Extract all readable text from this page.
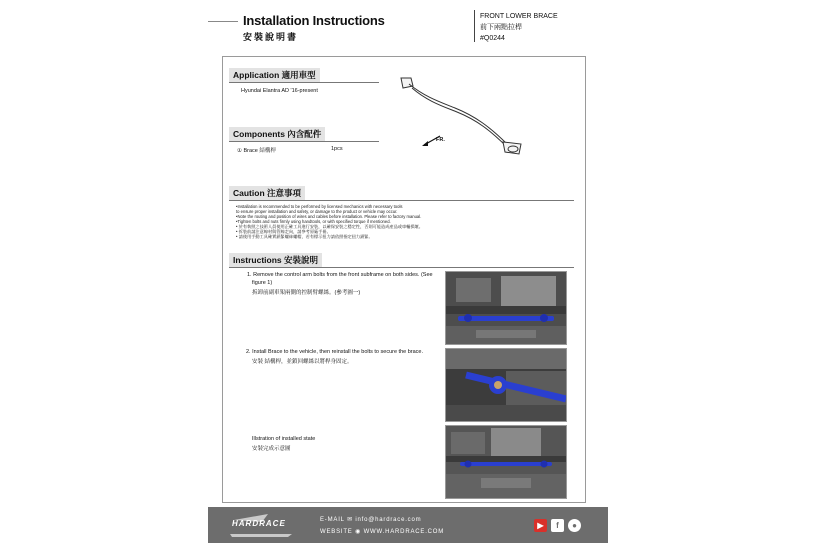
Installation Instructions
安裝說明書
FRONT LOWER BRACE
前下兩點拉桿
#Q0244
Application 適用車型
Hyundai Elantra AD '16-present
FR.
Components 內含配件
① Brace 結構桿	1pcs
Caution 注意事項
•Installation is recommended to be performed by licensed mechanics with necessary tools
to ensure proper installation and safety, or damage to the product or vehicle may occur.
•Note the routing and position of wires and cables before installation. Please refer to factory manual.
•Tighten bolts and nuts firmly using handtools, or with specified torque if mentioned.
• 於有執照之技術人員使用正確工具進行安裝，以確保安裝之穩定性，否則可能造成產品或車輛損壞。
• 拆裝前請注意線材與管線走向，請參考原廠手冊。
• 請使用手動工具確實鎖緊螺絲螺帽，若有標示扭力請依照指定扭力鎖緊。
Instructions 安裝說明
1. Remove the control arm bolts from the front subframe on both sides. (See
figure 1)
拆卸前副車架兩側的控制臂螺絲。(參考圖一)
2. Install Brace to the vehicle, then reinstall the bolts to secure the brace.
安裝 結構桿，並鎖回螺絲以將桿身固定。
Illstration of installed state
安裝完成示意圖
HARDRACE	E-MAIL ✉ info@hardrace.com
WEBSITE ◉ WWW.HARDRACE.COM
▶	f	●
